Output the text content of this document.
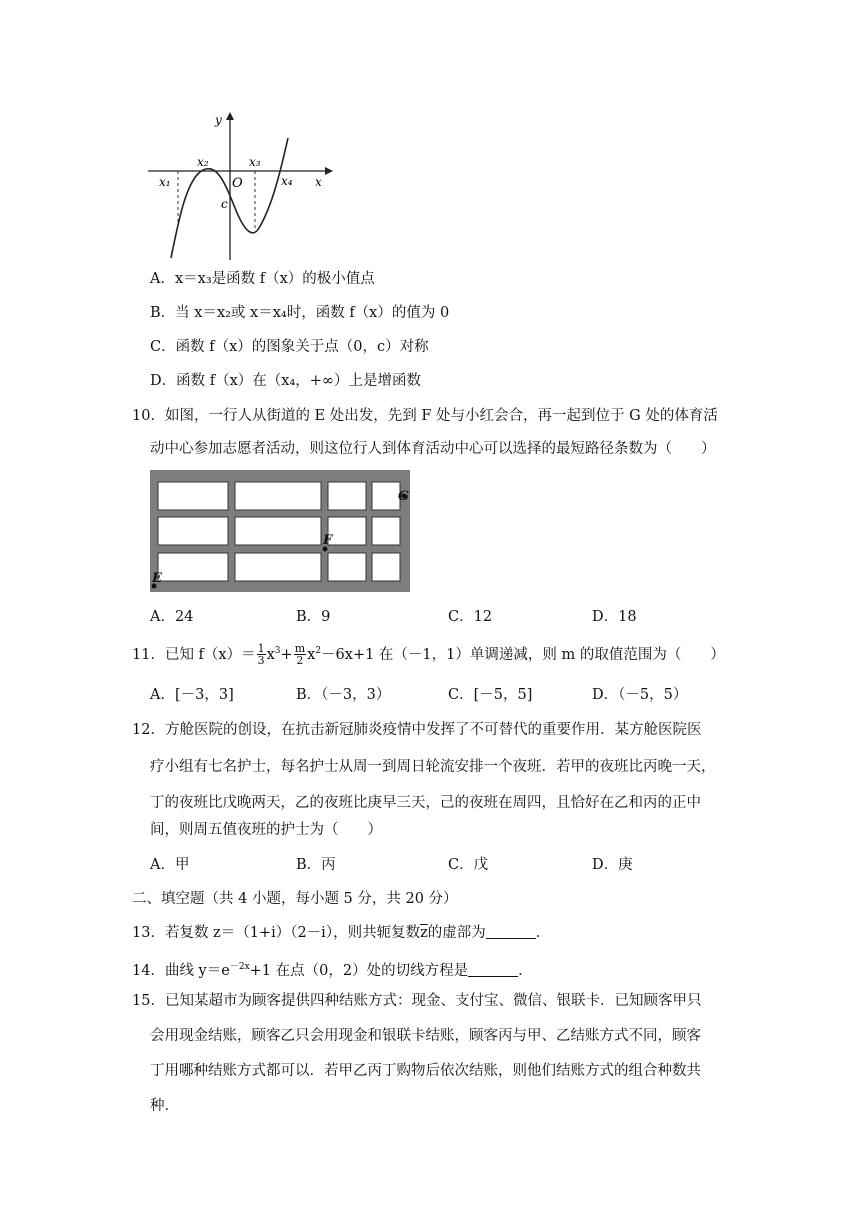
y
x
O
x₁
x₂	x₃
x₄
c
A．x＝x₃是函数 f（x）的极小值点
B．当 x＝x₂或 x＝x₄时，函数 f（x）的值为 0
C．函数 f（x）的图象关于点（0，c）对称
D．函数 f（x）在（x₄，+∞）上是增函数
10．如图，一行人从街道的 E 处出发，先到 F 处与小红会合，再一起到位于 G 处的体育活
动中心参加志愿者活动，则这位行人到体育活动中心可以选择的最短路径条数为（　　）
E
F
G
A．24	B．9	C．12	D．18
11．已知 $f(x)= \frac{1}{3} x^3+ \frac{m}{2} x^2-6x+1$ 在（－1，1）单调递减，则 m 的取值范围为（　　）
A．[－3，3]	B．（－3，3）	C．[－5，5]	D．（－5，5）
12．方舱医院的创设，在抗击新冠肺炎疫情中发挥了不可替代的重要作用．某方舱医院医
疗小组有七名护士，每名护士从周一到周日轮流安排一个夜班．若甲的夜班比丙晚一天，
丁的夜班比戊晚两天，乙的夜班比庚早三天，己的夜班在周四，且恰好在乙和丙的正中
间，则周五值夜班的护士为（　　）
A．甲	B．丙	C．戊	D．庚
二、填空题（共 4 小题，每小题 5 分，共 20 分）
13．若复数 z＝（1+i）（2－i），则共轭复数$\overline{z}$的虚部为	．
14．曲线 $y=e^{-2x}+1$ 在点（0，2）处的切线方程是	．
15．已知某超市为顾客提供四种结账方式：现金、支付宝、微信、银联卡．已知顾客甲只
会用现金结账，顾客乙只会用现金和银联卡结账，顾客丙与甲、乙结账方式不同，顾客
丁用哪种结账方式都可以．若甲乙丙丁购物后依次结账，则他们结账方式的组合种数共
种．
